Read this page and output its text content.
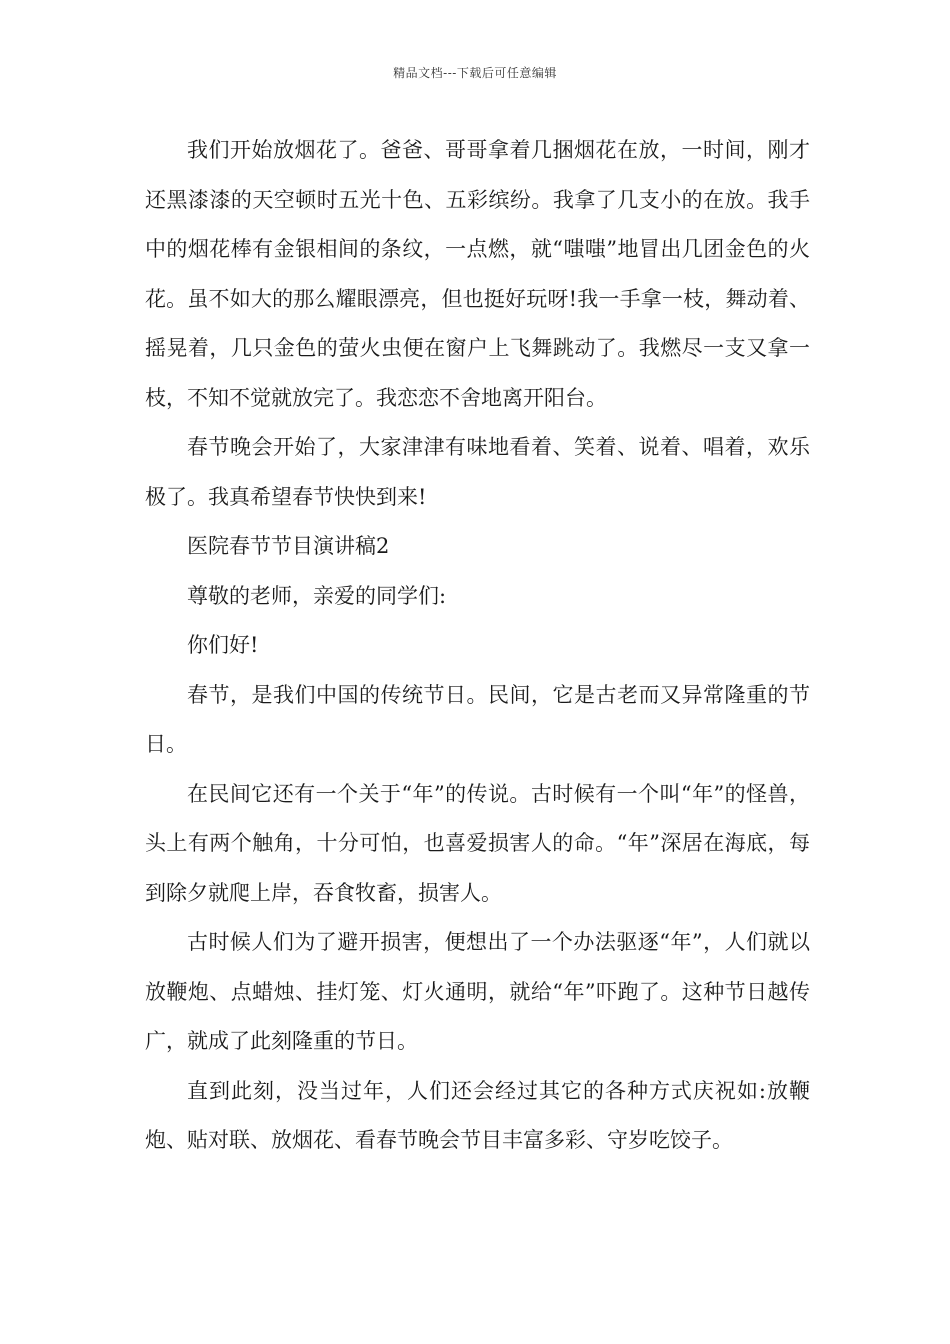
精品文档---下载后可任意编辑

我们开始放烟花了。爸爸、哥哥拿着几捆烟花在放，一时间，刚才还黑漆漆的天空顿时五光十色、五彩缤纷。我拿了几支小的在放。我手中的烟花棒有金银相间的条纹，一点燃，就“嗤嗤”地冒出几团金色的火花。虽不如大的那么耀眼漂亮，但也挺好玩呀!我一手拿一枝，舞动着、摇晃着，几只金色的萤火虫便在窗户上飞舞跳动了。我燃尽一支又拿一枝，不知不觉就放完了。我恋恋不舍地离开阳台。

春节晚会开始了，大家津津有味地看着、笑着、说着、唱着，欢乐极了。我真希望春节快快到来!

医院春节节目演讲稿2

尊敬的老师，亲爱的同学们:

你们好!

春节，是我们中国的传统节日。民间，它是古老而又异常隆重的节日。

在民间它还有一个关于“年”的传说。古时候有一个叫“年”的怪兽，头上有两个触角，十分可怕，也喜爱损害人的命。“年”深居在海底，每到除夕就爬上岸，吞食牧畜，损害人。

古时候人们为了避开损害，便想出了一个办法驱逐“年”，人们就以放鞭炮、点蜡烛、挂灯笼、灯火通明，就给“年”吓跑了。这种节日越传广，就成了此刻隆重的节日。

直到此刻，没当过年，人们还会经过其它的各种方式庆祝如:放鞭炮、贴对联、放烟花、看春节晚会节目丰富多彩、守岁吃饺子。
